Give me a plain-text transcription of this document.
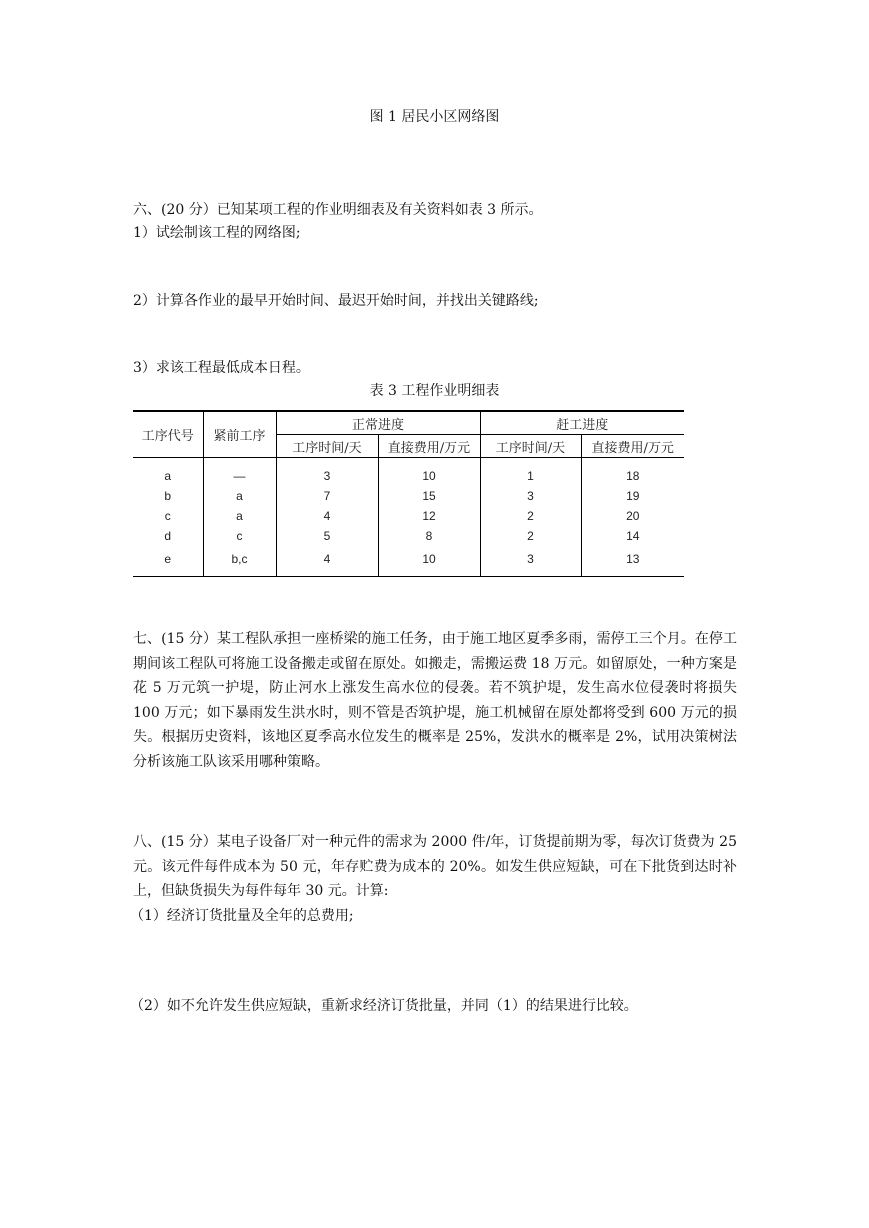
图 1 居民小区网络图
六、(20 分）已知某项工程的作业明细表及有关资料如表 3 所示。
1）试绘制该工程的网络图;
2）计算各作业的最早开始时间、最迟开始时间，并找出关键路线;
3）求该工程最低成本日程。
表 3 工程作业明细表
工序代号	紧前工序	正常进度		赶工进度	
		工序时间/天	直接费用/万元	工序时间/天	直接费用/万元
a	—	3	10	1	18
b	a	7	15	3	19
c	a	4	12	2	20
d	c	5	8	2	14
e	b,c	4	10	3	13
七、(15 分）某工程队承担一座桥梁的施工任务，由于施工地区夏季多雨，需停工三个月。在停工期间该工程队可将施工设备搬走或留在原处。如搬走，需搬运费 18 万元。如留原处，一种方案是花 5 万元筑一护堤，防止河水上涨发生高水位的侵袭。若不筑护堤，发生高水位侵袭时将损失 100 万元；如下暴雨发生洪水时，则不管是否筑护堤，施工机械留在原处都将受到 600 万元的损失。根据历史资料，该地区夏季高水位发生的概率是 25%，发洪水的概率是 2%，试用决策树法分析该施工队该采用哪种策略。
八、(15 分）某电子设备厂对一种元件的需求为 2000 件/年，订货提前期为零，每次订货费为 25 元。该元件每件成本为 50 元，年存贮费为成本的 20%。如发生供应短缺，可在下批货到达时补上，但缺货损失为每件每年 30 元。计算:
（1）经济订货批量及全年的总费用;
（2）如不允许发生供应短缺，重新求经济订货批量，并同（1）的结果进行比较。
